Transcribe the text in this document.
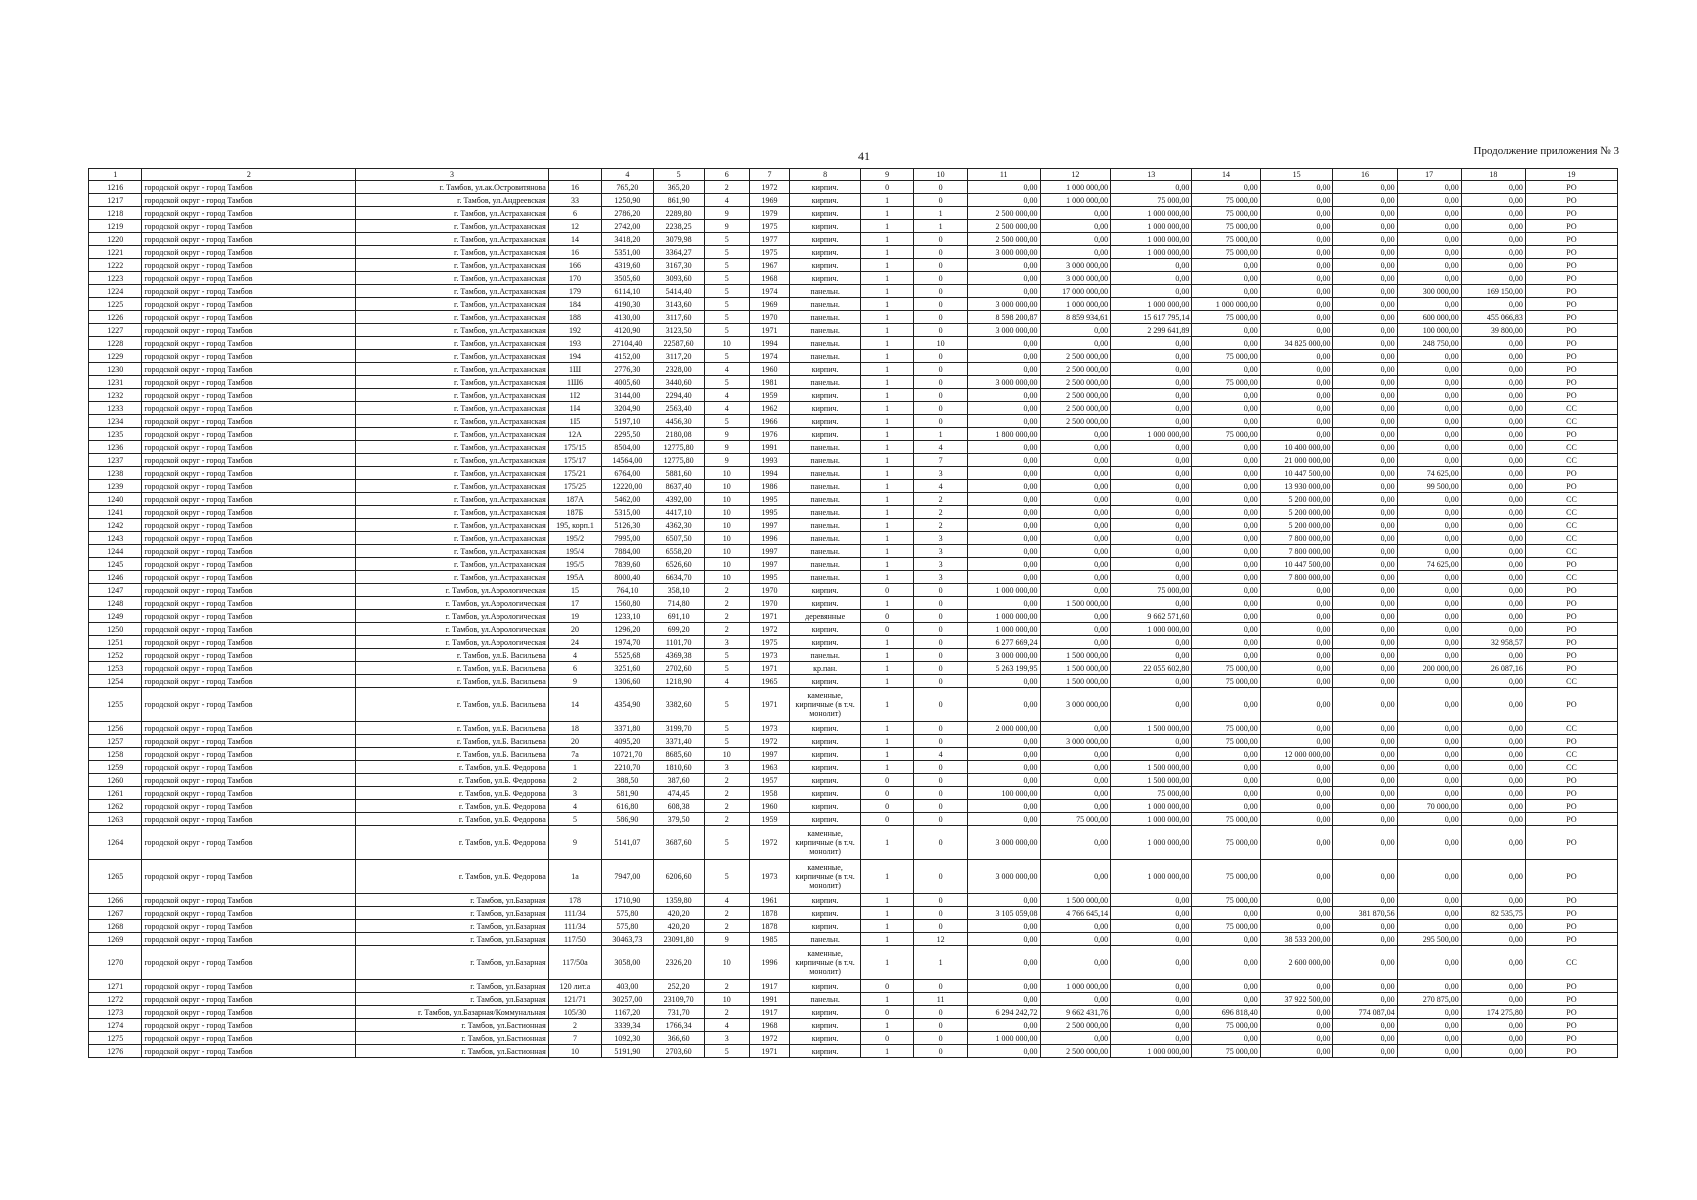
41	Продолжение приложения № 3
1	2	3		4	5	6	7	8	9	10	11	12	13	14	15	16	17	18	19
1216	городской округ - город Тамбов	г. Тамбов, ул.ак.Островитянова	16	765,20	365,20	2	1972	кирпич.	0	0	0,00	1 000 000,00	0,00	0,00	0,00	0,00	0,00	0,00	РО
1217	городской округ - город Тамбов	г. Тамбов, ул.Андреевская	33	1250,90	861,90	4	1969	кирпич.	1	0	0,00	1 000 000,00	75 000,00	75 000,00	0,00	0,00	0,00	0,00	РО
1218	городской округ - город Тамбов	г. Тамбов, ул.Астраханская	6	2786,20	2289,80	9	1979	кирпич.	1	1	2 500 000,00	0,00	1 000 000,00	75 000,00	0,00	0,00	0,00	0,00	РО
1219	городской округ - город Тамбов	г. Тамбов, ул.Астраханская	12	2742,00	2238,25	9	1975	кирпич.	1	1	2 500 000,00	0,00	1 000 000,00	75 000,00	0,00	0,00	0,00	0,00	РО
1220	городской округ - город Тамбов	г. Тамбов, ул.Астраханская	14	3418,20	3079,98	5	1977	кирпич.	1	0	2 500 000,00	0,00	1 000 000,00	75 000,00	0,00	0,00	0,00	0,00	РО
1221	городской округ - город Тамбов	г. Тамбов, ул.Астраханская	16	5351,00	3364,27	5	1975	кирпич.	1	0	3 000 000,00	0,00	1 000 000,00	75 000,00	0,00	0,00	0,00	0,00	РО
1222	городской округ - город Тамбов	г. Тамбов, ул.Астраханская	166	4319,60	3167,30	5	1967	кирпич.	1	0	0,00	3 000 000,00	0,00	0,00	0,00	0,00	0,00	0,00	РО
1223	городской округ - город Тамбов	г. Тамбов, ул.Астраханская	170	3505,60	3093,60	5	1968	кирпич.	1	0	0,00	3 000 000,00	0,00	0,00	0,00	0,00	0,00	0,00	РО
1224	городской округ - город Тамбов	г. Тамбов, ул.Астраханская	179	6114,10	5414,40	5	1974	панельн.	1	0	0,00	17 000 000,00	0,00	0,00	0,00	0,00	300 000,00	169 150,00	РО
1225	городской округ - город Тамбов	г. Тамбов, ул.Астраханская	184	4190,30	3143,60	5	1969	панельн.	1	0	3 000 000,00	1 000 000,00	1 000 000,00	1 000 000,00	0,00	0,00	0,00	0,00	РО
1226	городской округ - город Тамбов	г. Тамбов, ул.Астраханская	188	4130,00	3117,60	5	1970	панельн.	1	0	8 598 200,87	8 859 934,61	15 617 795,14	75 000,00	0,00	0,00	600 000,00	455 066,83	РО
1227	городской округ - город Тамбов	г. Тамбов, ул.Астраханская	192	4120,90	3123,50	5	1971	панельн.	1	0	3 000 000,00	0,00	2 299 641,89	0,00	0,00	0,00	100 000,00	39 800,00	РО
1228	городской округ - город Тамбов	г. Тамбов, ул.Астраханская	193	27104,40	22587,60	10	1994	панельн.	1	10	0,00	0,00	0,00	0,00	34 825 000,00	0,00	248 750,00	0,00	РО
1229	городской округ - город Тамбов	г. Тамбов, ул.Астраханская	194	4152,00	3117,20	5	1974	панельн.	1	0	0,00	2 500 000,00	0,00	75 000,00	0,00	0,00	0,00	0,00	РО
1230	городской округ - город Тамбов	г. Тамбов, ул.Астраханская	1Ш	2776,30	2328,00	4	1960	кирпич.	1	0	0,00	2 500 000,00	0,00	0,00	0,00	0,00	0,00	0,00	РО
1231	городской округ - город Тамбов	г. Тамбов, ул.Астраханская	1Ш6	4005,60	3440,60	5	1981	панельн.	1	0	3 000 000,00	2 500 000,00	0,00	75 000,00	0,00	0,00	0,00	0,00	РО
1232	городской округ - город Тамбов	г. Тамбов, ул.Астраханская	1І2	3144,00	2294,40	4	1959	кирпич.	1	0	0,00	2 500 000,00	0,00	0,00	0,00	0,00	0,00	0,00	РО
1233	городской округ - город Тамбов	г. Тамбов, ул.Астраханская	1І4	3204,90	2563,40	4	1962	кирпич.	1	0	0,00	2 500 000,00	0,00	0,00	0,00	0,00	0,00	0,00	СС
1234	городской округ - город Тамбов	г. Тамбов, ул.Астраханская	1І5	5197,10	4456,30	5	1966	кирпич.	1	0	0,00	2 500 000,00	0,00	0,00	0,00	0,00	0,00	0,00	СС
1235	городской округ - город Тамбов	г. Тамбов, ул.Астраханская	12А	2295,50	2180,08	9	1976	кирпич.	1	1	1 800 000,00	0,00	1 000 000,00	75 000,00	0,00	0,00	0,00	0,00	РО
1236	городской округ - город Тамбов	г. Тамбов, ул.Астраханская	175/15	8504,00	12775,80	9	1991	панельн.	1	4	0,00	0,00	0,00	0,00	10 400 000,00	0,00	0,00	0,00	СС
1237	городской округ - город Тамбов	г. Тамбов, ул.Астраханская	175/17	14564,00	12775,80	9	1993	панельн.	1	7	0,00	0,00	0,00	0,00	21 000 000,00	0,00	0,00	0,00	СС
1238	городской округ - город Тамбов	г. Тамбов, ул.Астраханская	175/21	6764,00	5881,60	10	1994	панельн.	1	3	0,00	0,00	0,00	0,00	10 447 500,00	0,00	74 625,00	0,00	РО
1239	городской округ - город Тамбов	г. Тамбов, ул.Астраханская	175/25	12220,00	8637,40	10	1986	панельн.	1	4	0,00	0,00	0,00	0,00	13 930 000,00	0,00	99 500,00	0,00	РО
1240	городской округ - город Тамбов	г. Тамбов, ул.Астраханская	187А	5462,00	4392,00	10	1995	панельн.	1	2	0,00	0,00	0,00	0,00	5 200 000,00	0,00	0,00	0,00	СС
1241	городской округ - город Тамбов	г. Тамбов, ул.Астраханская	187Б	5315,00	4417,10	10	1995	панельн.	1	2	0,00	0,00	0,00	0,00	5 200 000,00	0,00	0,00	0,00	СС
1242	городской округ - город Тамбов	г. Тамбов, ул.Астраханская	195, корп.1	5126,30	4362,30	10	1997	панельн.	1	2	0,00	0,00	0,00	0,00	5 200 000,00	0,00	0,00	0,00	СС
1243	городской округ - город Тамбов	г. Тамбов, ул.Астраханская	195/2	7995,00	6507,50	10	1996	панельн.	1	3	0,00	0,00	0,00	0,00	7 800 000,00	0,00	0,00	0,00	СС
1244	городской округ - город Тамбов	г. Тамбов, ул.Астраханская	195/4	7884,00	6558,20	10	1997	панельн.	1	3	0,00	0,00	0,00	0,00	7 800 000,00	0,00	0,00	0,00	СС
1245	городской округ - город Тамбов	г. Тамбов, ул.Астраханская	195/5	7839,60	6526,60	10	1997	панельн.	1	3	0,00	0,00	0,00	0,00	10 447 500,00	0,00	74 625,00	0,00	РО
1246	городской округ - город Тамбов	г. Тамбов, ул.Астраханская	195А	8000,40	6634,70	10	1995	панельн.	1	3	0,00	0,00	0,00	0,00	7 800 000,00	0,00	0,00	0,00	СС
1247	городской округ - город Тамбов	г. Тамбов, ул.Аэрологическая	15	764,10	358,10	2	1970	кирпич.	0	0	1 000 000,00	0,00	75 000,00	0,00	0,00	0,00	0,00	0,00	РО
1248	городской округ - город Тамбов	г. Тамбов, ул.Аэрологическая	17	1560,80	714,80	2	1970	кирпич.	1	0	0,00	1 500 000,00	0,00	0,00	0,00	0,00	0,00	0,00	РО
1249	городской округ - город Тамбов	г. Тамбов, ул.Аэрологическая	19	1233,10	691,10	2	1971	деревянные	0	0	1 000 000,00	0,00	9 662 571,60	0,00	0,00	0,00	0,00	0,00	РО
1250	городской округ - город Тамбов	г. Тамбов, ул.Аэрологическая	20	1296,20	699,20	2	1972	кирпич.	0	0	1 000 000,00	0,00	1 000 000,00	0,00	0,00	0,00	0,00	0,00	РО
1251	городской округ - город Тамбов	г. Тамбов, ул.Аэрологическая	24	1974,70	1101,70	3	1975	кирпич.	1	0	6 277 669,24	0,00	0,00	0,00	0,00	0,00	0,00	32 958,57	РО
1252	городской округ - город Тамбов	г. Тамбов, ул.Б. Васильева	4	5525,68	4369,38	5	1973	панельн.	1	0	3 000 000,00	1 500 000,00	0,00	0,00	0,00	0,00	0,00	0,00	РО
1253	городской округ - город Тамбов	г. Тамбов, ул.Б. Васильева	6	3251,60	2702,60	5	1971	кр.пан.	1	0	5 263 199,95	1 500 000,00	22 055 602,80	75 000,00	0,00	0,00	200 000,00	26 087,16	РО
1254	городской округ - город Тамбов	г. Тамбов, ул.Б. Васильева	9	1306,60	1218,90	4	1965	кирпич.	1	0	0,00	1 500 000,00	0,00	75 000,00	0,00	0,00	0,00	0,00	СС
1255	городской округ - город Тамбов	г. Тамбов, ул.Б. Васильева	14	4354,90	3382,60	5	1971	каменные, кирпичные (в т.ч. монолит)	1	0	0,00	3 000 000,00	0,00	0,00	0,00	0,00	0,00	0,00	РО
1256	городской округ - город Тамбов	г. Тамбов, ул.Б. Васильева	18	3371,80	3199,70	5	1973	кирпич.	1	0	2 000 000,00	0,00	1 500 000,00	75 000,00	0,00	0,00	0,00	0,00	СС
1257	городской округ - город Тамбов	г. Тамбов, ул.Б. Васильева	20	4095,20	3371,40	5	1972	кирпич.	1	0	0,00	3 000 000,00	0,00	75 000,00	0,00	0,00	0,00	0,00	РО
1258	городской округ - город Тамбов	г. Тамбов, ул.Б. Васильева	7а	10721,70	8685,60	10	1997	кирпич.	1	4	0,00	0,00	0,00	0,00	12 000 000,00	0,00	0,00	0,00	СС
1259	городской округ - город Тамбов	г. Тамбов, ул.Б. Федорова	1	2210,70	1810,60	3	1963	кирпич.	1	0	0,00	0,00	1 500 000,00	0,00	0,00	0,00	0,00	0,00	СС
1260	городской округ - город Тамбов	г. Тамбов, ул.Б. Федорова	2	388,50	387,60	2	1957	кирпич.	0	0	0,00	0,00	1 500 000,00	0,00	0,00	0,00	0,00	0,00	РО
1261	городской округ - город Тамбов	г. Тамбов, ул.Б. Федорова	3	581,90	474,45	2	1958	кирпич.	0	0	100 000,00	0,00	75 000,00	0,00	0,00	0,00	0,00	0,00	РО
1262	городской округ - город Тамбов	г. Тамбов, ул.Б. Федорова	4	616,80	608,38	2	1960	кирпич.	0	0	0,00	0,00	1 000 000,00	0,00	0,00	0,00	70 000,00	0,00	РО
1263	городской округ - город Тамбов	г. Тамбов, ул.Б. Федорова	5	586,90	379,50	2	1959	кирпич.	0	0	0,00	75 000,00	1 000 000,00	75 000,00	0,00	0,00	0,00	0,00	РО
1264	городской округ - город Тамбов	г. Тамбов, ул.Б. Федорова	9	5141,07	3687,60	5	1972	каменные, кирпичные (в т.ч. монолит)	1	0	3 000 000,00	0,00	1 000 000,00	75 000,00	0,00	0,00	0,00	0,00	РО
1265	городской округ - город Тамбов	г. Тамбов, ул.Б. Федорова	1а	7947,00	6206,60	5	1973	каменные, кирпичные (в т.ч. монолит)	1	0	3 000 000,00	0,00	1 000 000,00	75 000,00	0,00	0,00	0,00	0,00	РО
1266	городской округ - город Тамбов	г. Тамбов, ул.Базарная	178	1710,90	1359,80	4	1961	кирпич.	1	0	0,00	1 500 000,00	0,00	75 000,00	0,00	0,00	0,00	0,00	РО
1267	городской округ - город Тамбов	г. Тамбов, ул.Базарная	111/34	575,80	420,20	2	1878	кирпич.	1	0	3 105 059,08	4 766 645,14	0,00	0,00	0,00	381 870,56	0,00	82 535,75	РО
1268	городской округ - город Тамбов	г. Тамбов, ул.Базарная	111/34	575,80	420,20	2	1878	кирпич.	1	0	0,00	0,00	0,00	75 000,00	0,00	0,00	0,00	0,00	РО
1269	городской округ - город Тамбов	г. Тамбов, ул.Базарная	117/50	30463,73	23091,80	9	1985	панельн.	1	12	0,00	0,00	0,00	0,00	38 533 200,00	0,00	295 500,00	0,00	РО
1270	городской округ - город Тамбов	г. Тамбов, ул.Базарная	117/50а	3058,00	2326,20	10	1996	каменные, кирпичные (в т.ч. монолит)	1	1	0,00	0,00	0,00	0,00	2 600 000,00	0,00	0,00	0,00	СС
1271	городской округ - город Тамбов	г. Тамбов, ул.Базарная	120 лит.а	403,00	252,20	2	1917	кирпич.	0	0	0,00	1 000 000,00	0,00	0,00	0,00	0,00	0,00	0,00	РО
1272	городской округ - город Тамбов	г. Тамбов, ул.Базарная	121/71	30257,00	23109,70	10	1991	панельн.	1	11	0,00	0,00	0,00	0,00	37 922 500,00	0,00	270 875,00	0,00	РО
1273	городской округ - город Тамбов	г. Тамбов, ул.Базарная/Коммунальная	105/30	1167,20	731,70	2	1917	кирпич.	0	0	6 294 242,72	9 662 431,76	0,00	696 818,40	0,00	774 087,04	0,00	174 275,80	РО
1274	городской округ - город Тамбов	г. Тамбов, ул.Бастионная	2	3339,34	1766,34	4	1968	кирпич.	1	0	0,00	2 500 000,00	0,00	75 000,00	0,00	0,00	0,00	0,00	РО
1275	городской округ - город Тамбов	г. Тамбов, ул.Бастионная	7	1092,30	366,60	3	1972	кирпич.	0	0	1 000 000,00	0,00	0,00	0,00	0,00	0,00	0,00	0,00	РО
1276	городской округ - город Тамбов	г. Тамбов, ул.Бастионная	10	5191,90	2703,60	5	1971	кирпич.	1	0	0,00	2 500 000,00	1 000 000,00	75 000,00	0,00	0,00	0,00	0,00	РО
